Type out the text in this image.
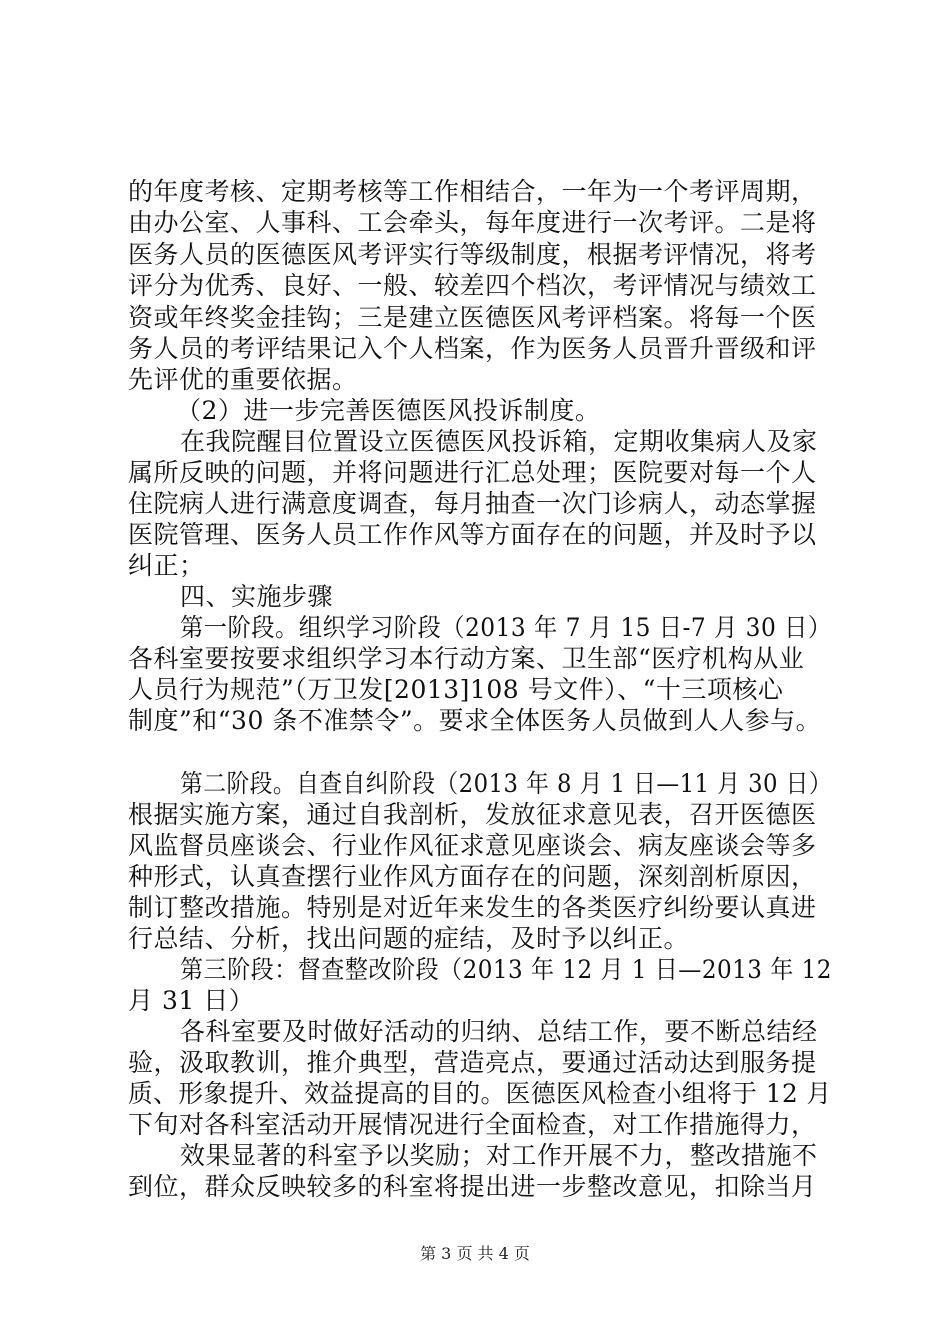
的年度考核、定期考核等工作相结合，一年为一个考评周期，
由办公室、人事科、工会牵头，每年度进行一次考评。二是将
医务人员的医德医风考评实行等级制度，根据考评情况，将考
评分为优秀、良好、一般、较差四个档次，考评情况与绩效工
资或年终奖金挂钩；三是建立医德医风考评档案。将每一个医
务人员的考评结果记入个人档案，作为医务人员晋升晋级和评
先评优的重要依据。
（2）进一步完善医德医风投诉制度。
在我院醒目位置设立医德医风投诉箱，定期收集病人及家
属所反映的问题，并将问题进行汇总处理；医院要对每一个人
住院病人进行满意度调查，每月抽查一次门诊病人，动态掌握
医院管理、医务人员工作作风等方面存在的问题，并及时予以
纠正；
四、实施步骤
第一阶段。组织学习阶段（2013 年 7 月 15 日-7 月 30 日）
各科室要按要求组织学习本行动方案、卫生部“医疗机构从业
人员行为规范”（万卫发[2013]108 号文件）、“十三项核心
制度”和“30 条不准禁令”。要求全体医务人员做到人人参与。
第二阶段。自查自纠阶段（2013 年 8 月 1 日—11 月 30 日）
根据实施方案，通过自我剖析，发放征求意见表，召开医德医
风监督员座谈会、行业作风征求意见座谈会、病友座谈会等多
种形式，认真查摆行业作风方面存在的问题，深刻剖析原因，
制订整改措施。特别是对近年来发生的各类医疗纠纷要认真进
行总结、分析，找出问题的症结，及时予以纠正。
第三阶段：督查整改阶段（2013 年 12 月 1 日—2013 年 12
月 31 日）
各科室要及时做好活动的归纳、总结工作，要不断总结经
验，汲取教训，推介典型，营造亮点，要通过活动达到服务提
质、形象提升、效益提高的目的。医德医风检查小组将于 12 月
下旬对各科室活动开展情况进行全面检查，对工作措施得力，
效果显著的科室予以奖励；对工作开展不力，整改措施不
到位，群众反映较多的科室将提出进一步整改意见，扣除当月
第 3 页 共 4 页
